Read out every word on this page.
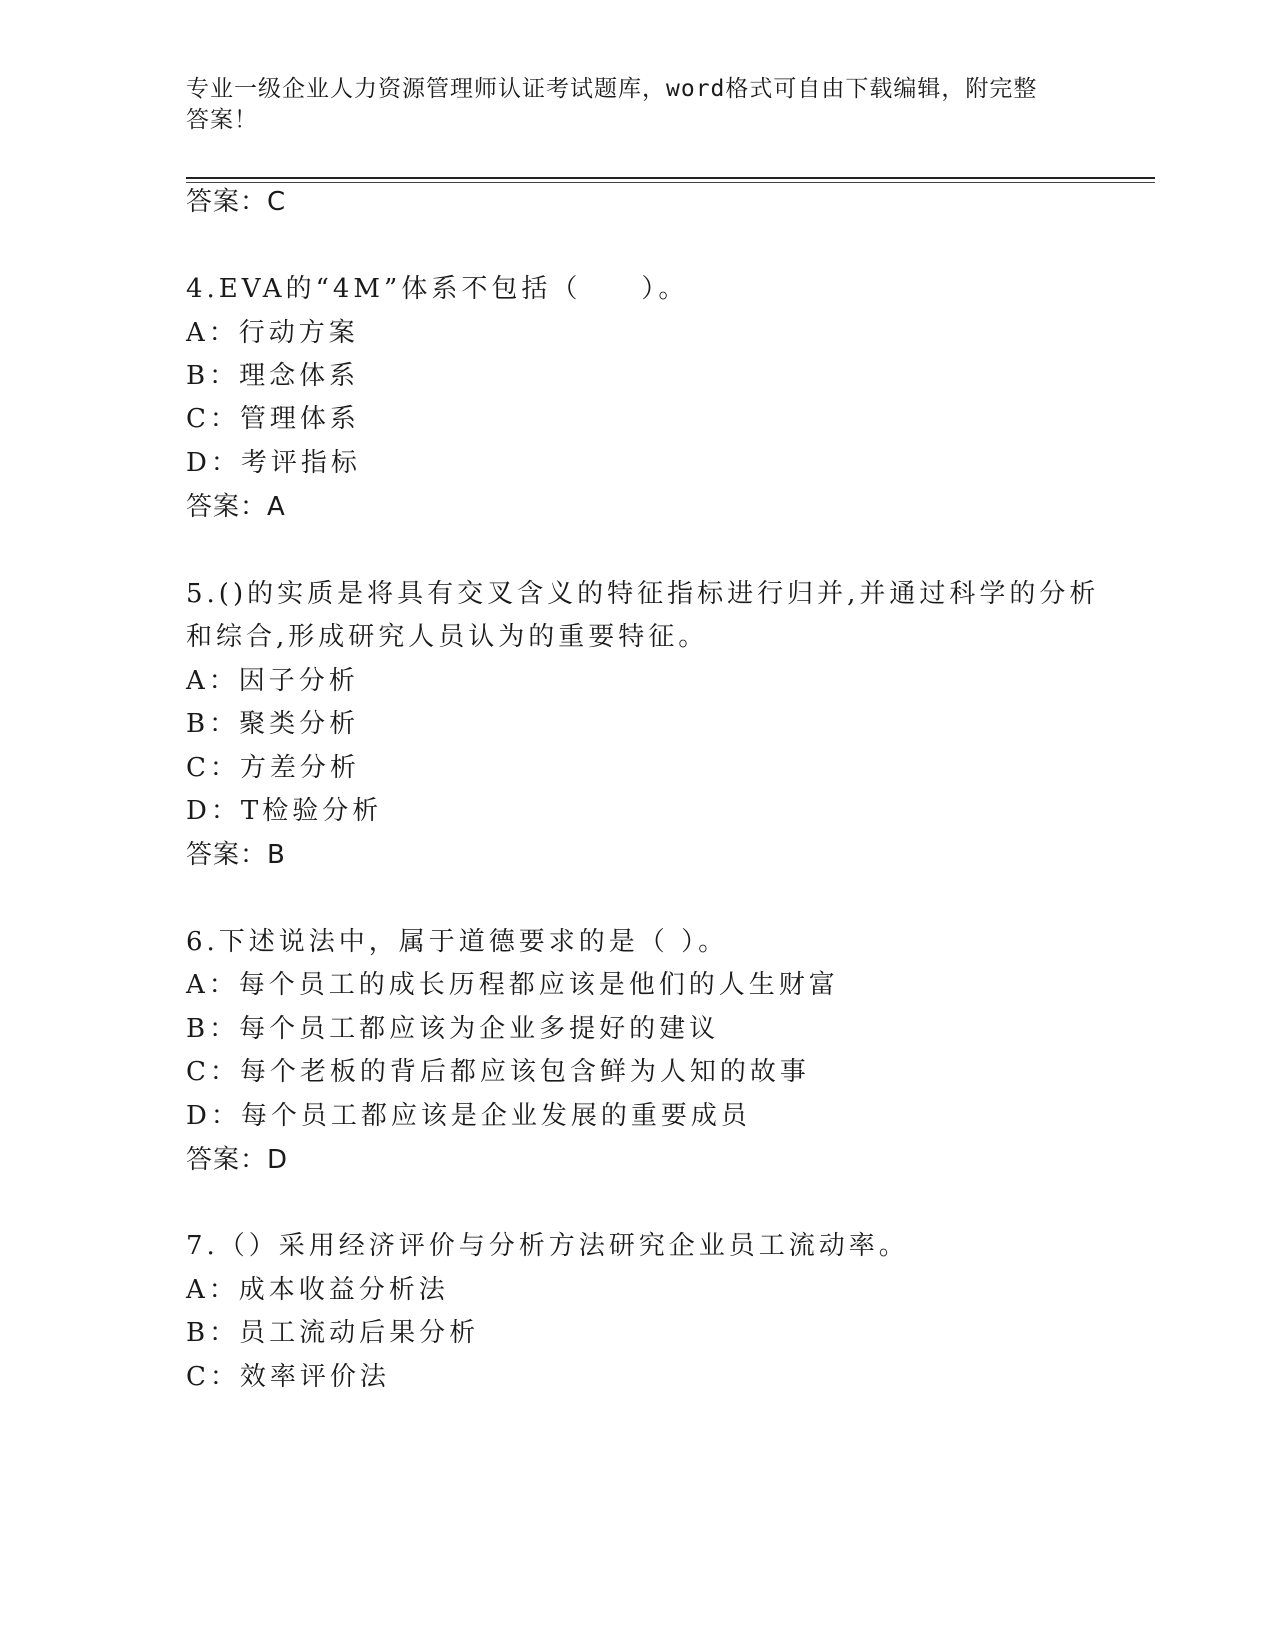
专业一级企业人力资源管理师认证考试题库，word格式可自由下载编辑，附完整
答案！
答案：C
4.EVA的“4M”体系不包括（　　）。
A：行动方案
B：理念体系
C：管理体系
D：考评指标
答案：A
5.()的实质是将具有交叉含义的特征指标进行归并,并通过科学的分析
和综合,形成研究人员认为的重要特征。
A：因子分析
B：聚类分析
C：方差分析
D：T检验分析
答案：B
6.下述说法中，属于道德要求的是（ ）。
A：每个员工的成长历程都应该是他们的人生财富
B：每个员工都应该为企业多提好的建议
C：每个老板的背后都应该包含鲜为人知的故事
D：每个员工都应该是企业发展的重要成员
答案：D
7.（）采用经济评价与分析方法研究企业员工流动率。
A：成本收益分析法
B：员工流动后果分析
C：效率评价法
